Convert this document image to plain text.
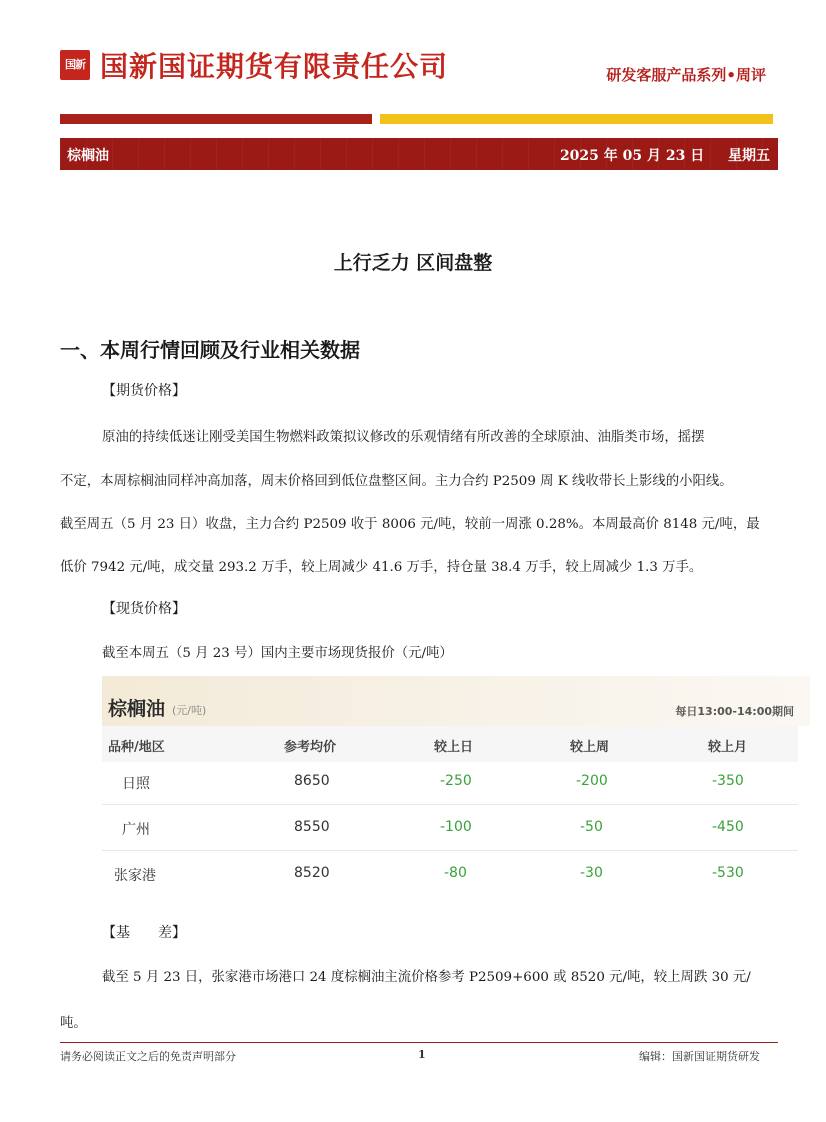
国新 国新国证期货有限责任公司	研发客服产品系列•周评
棕榈油	2025 年 05 月 23 日 星期五
上行乏力 区间盘整
一、本周行情回顾及行业相关数据
【期货价格】
原油的持续低迷让刚受美国生物燃料政策拟议修改的乐观情绪有所改善的全球原油、油脂类市场，摇摆
不定，本周棕榈油同样冲高加落，周末价格回到低位盘整区间。主力合约 P2509 周 K 线收带长上影线的小阳线。
截至周五（5 月 23 日）收盘，主力合约 P2509 收于 8006 元/吨，较前一周涨 0.28%。本周最高价 8148 元/吨，最
低价 7942 元/吨，成交量 293.2 万手，较上周减少 41.6 万手，持仓量 38.4 万手，较上周减少 1.3 万手。
【现货价格】
截至本周五（5 月 23 号）国内主要市场现货报价（元/吨）
棕榈油 (元/吨)	每日13:00-14:00期间
品种/地区	参考均价	较上日	较上周	较上月
日照	8650	-250	-200	-350
广州	8550	-100	-50	-450
张家港	8520	-80	-30	-530
【基　　差】
截至 5 月 23 日，张家港市场港口 24 度棕榈油主流价格参考 P2509+600 或 8520 元/吨，较上周跌 30 元/
吨。
请务必阅读正文之后的免责声明部分	1	编辑：国新国证期货研发
